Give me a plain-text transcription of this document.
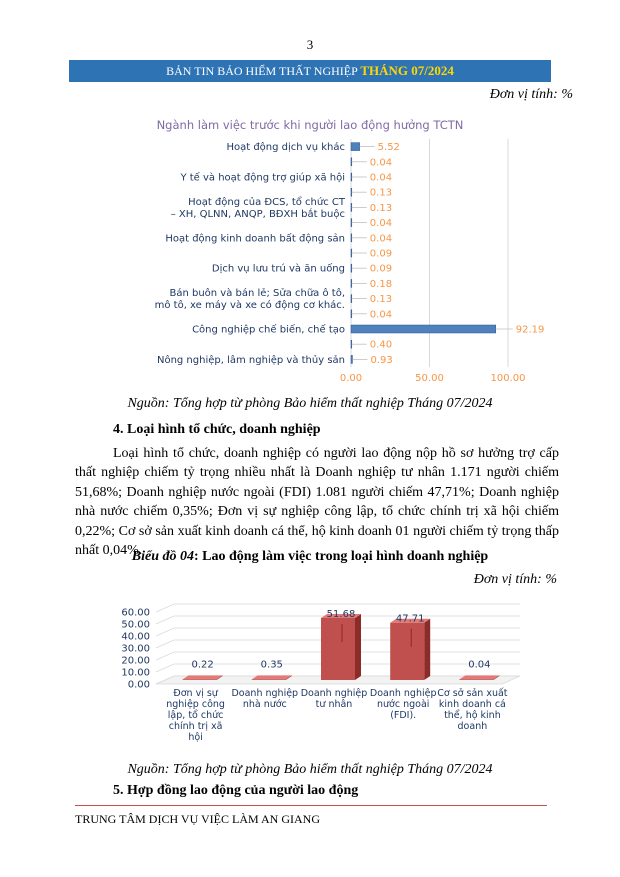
3
BẢN TIN BẢO HIỂM THẤT NGHIỆP THÁNG 07/2024
Đơn vị tính: %
Ngành làm việc trước khi người lao động hưởng TCTN
0.00	50.00	100.00
5.52
Hoạt động dịch vụ khác
0.04
0.04
Y tế và hoạt động trợ giúp xã hội
0.13
0.13
Hoạt động của ĐCS, tổ chức CT
– XH, QLNN, ANQP, BĐXH bắt buộc
0.04
0.04
Hoạt động kinh doanh bất động sản
0.09
0.09
Dịch vụ lưu trú và ăn uống
0.18
0.13
Bán buôn và bán lẻ; Sửa chữa ô tô,
mô tô, xe máy và xe có động cơ khác.
0.04
92.19
Công nghiệp chế biến, chế tạo
0.40
0.93
Nông nghiệp, lâm nghiệp và thủy sản
Nguồn: Tổng hợp từ phòng Bảo hiểm thất nghiệp Tháng 07/2024
4. Loại hình tổ chức, doanh nghiệp
Loại hình tổ chức, doanh nghiệp có người lao động nộp hồ sơ hưởng trợ cấp thất nghiệp chiếm tỷ trọng nhiều nhất là Doanh nghiệp tư nhân 1.171 người chiếm 51,68%; Doanh nghiệp nước ngoài (FDI) 1.081 người chiếm 47,71%; Doanh nghiệp nhà nước chiếm 0,35%; Đơn vị sự nghiệp công lập, tổ chức chính trị xã hội chiếm 0,22%; Cơ sở sản xuất kinh doanh cá thể, hộ kinh doanh 01 người chiếm tỷ trọng thấp nhất 0,04%.
Biểu đồ 04: Lao động làm việc trong loại hình doanh nghiệp
Đơn vị tính: %
0.00
10.00
20.00
30.00
40.00
50.00
60.00
0.22
Đơn vị sự
nghiệp công
lập, tổ chức
chính trị xã
hội
0.35
Doanh nghiệp
nhà nước
51.68
Doanh nghiệp
tư nhân
47.71
Doanh nghiệp
nước ngoài
(FDI).
0.04
Cơ sở sản xuất
kinh doanh cá
thể, hộ kinh
doanh
Nguồn: Tổng hợp từ phòng Bảo hiểm thất nghiệp Tháng 07/2024
5. Hợp đồng lao động của người lao động
TRUNG TÂM DỊCH VỤ VIỆC LÀM AN GIANG
